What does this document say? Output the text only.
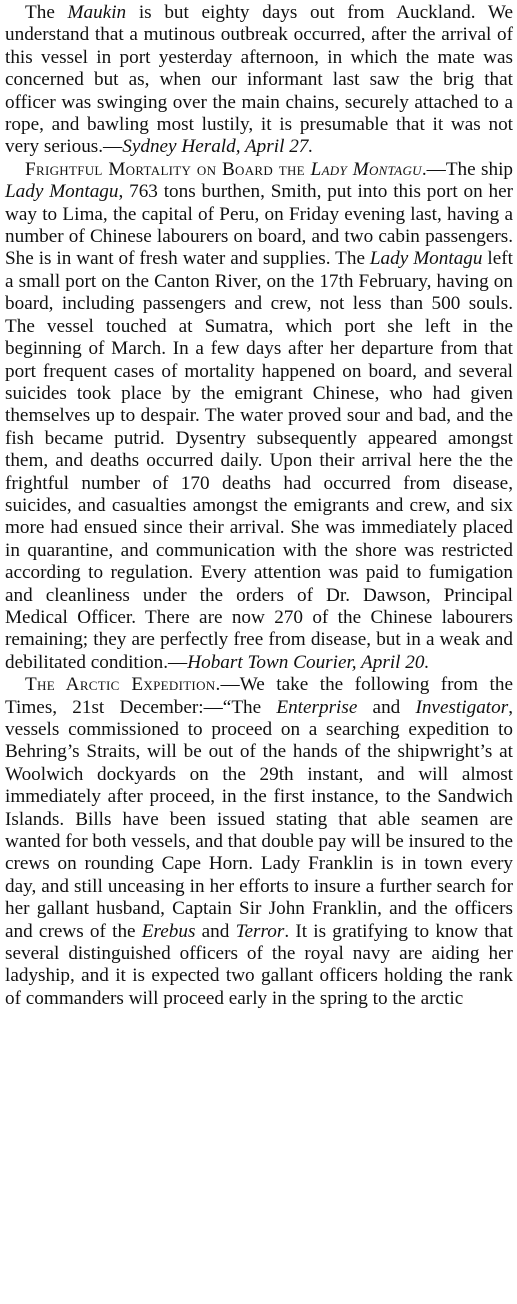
The Maukin is but eighty days out from Auckland. We understand that a mutinous outbreak occurred, after the arrival of this vessel in port yesterday afternoon, in which the mate was concerned but as, when our informant last saw the brig that officer was swinging over the main chains, securely attached to a rope, and bawling most lustily, it is presumable that it was not very serious.—Sydney Herald, April 27.

Frightful Mortality on Board the Lady Montagu.—The ship Lady Montagu, 763 tons burthen, Smith, put into this port on her way to Lima, the capital of Peru, on Friday evening last, having a number of Chinese labourers on board, and two cabin passengers. She is in want of fresh water and supplies. The Lady Montagu left a small port on the Canton River, on the 17th February, having on board, including passengers and crew, not less than 500 souls. The vessel touched at Sumatra, which port she left in the beginning of March. In a few days after her departure from that port frequent cases of mortality happened on board, and several suicides took place by the emigrant Chinese, who had given themselves up to despair. The water proved sour and bad, and the fish became putrid. Dysentry subsequently appeared amongst them, and deaths occurred daily. Upon their arrival here the the frightful number of 170 deaths had occurred from disease, suicides, and casualties amongst the emigrants and crew, and six more had ensued since their arrival. She was immediately placed in quarantine, and communication with the shore was restricted according to regulation. Every attention was paid to fumigation and cleanliness under the orders of Dr. Dawson, Principal Medical Officer. There are now 270 of the Chinese labourers remaining; they are perfectly free from disease, but in a weak and debilitated condition.—Hobart Town Courier, April 20.

The Arctic Expedition.—We take the following from the Times, 21st December:—“The Enterprise and Investigator, vessels commissioned to proceed on a searching expedition to Behring’s Straits, will be out of the hands of the shipwright’s at Woolwich dockyards on the 29th instant, and will almost immediately after proceed, in the first instance, to the Sandwich Islands. Bills have been issued stating that able seamen are wanted for both vessels, and that double pay will be insured to the crews on rounding Cape Horn. Lady Franklin is in town every day, and still unceasing in her efforts to insure a further search for her gallant husband, Captain Sir John Franklin, and the officers and crews of the Erebus and Terror. It is gratifying to know that several distinguished officers of the royal navy are aiding her ladyship, and it is expected two gallant officers holding the rank of commanders will proceed early in the spring to the arctic
